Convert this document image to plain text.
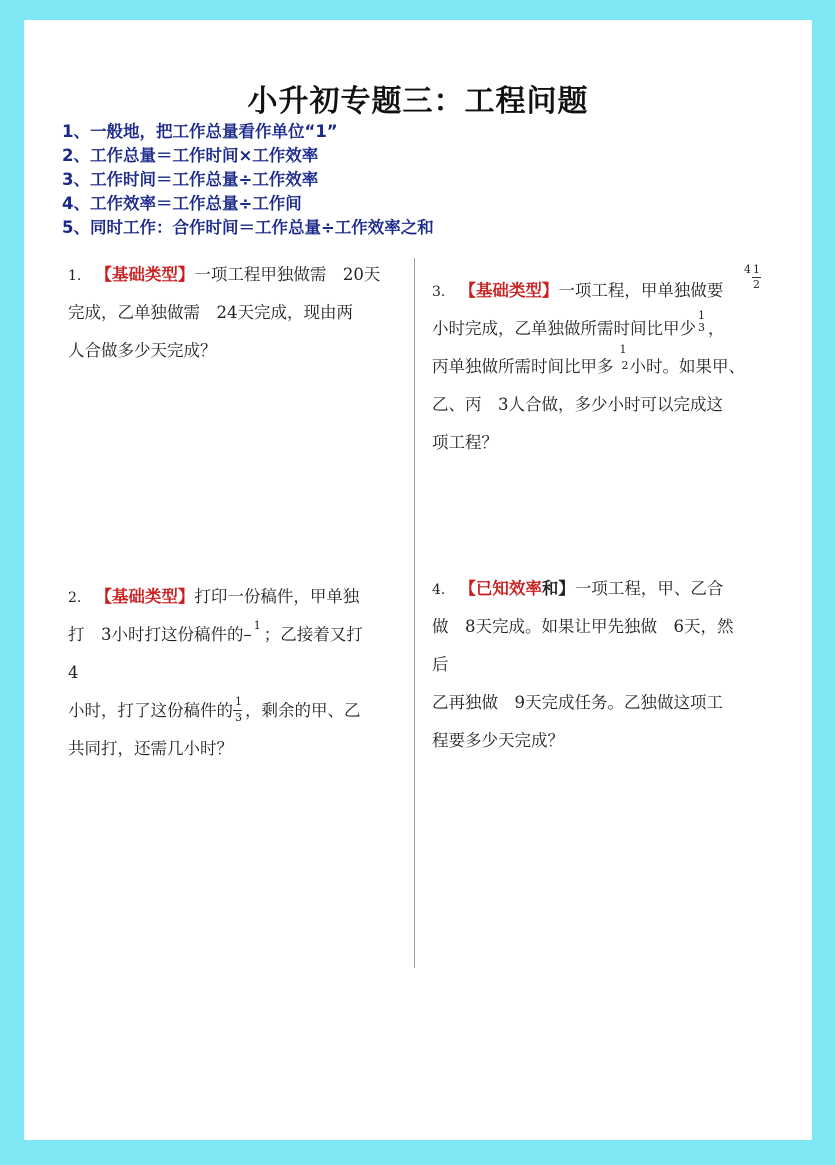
小升初专题三：工程问题
1、一般地，把工作总量看作单位“1”
2、工作总量＝工作时间×工作效率
3、工作时间＝工作总量÷工作效率
4、工作效率＝工作总量÷工作间
5、同时工作：合作时间＝工作总量÷工作效率之和
1. 【基础类型】一项工程甲独做需　20天
完成，乙单独做需　24天完成，现由两
人合做多少天完成？
2. 【基础类型】打印一份稿件，甲单独
打　3小时打这份稿件的– 1 ；乙接着又打
4
小时，打了这份稿件的 $\frac{1}{3}$ ，剩余的甲、乙
共同打，还需几小时？
3. 【基础类型】一项工程，甲单独做要
$4 \frac{1}{2}$
小时完成，乙单独做所需时间比甲少
1
3 ，
丙单独做所需时间比甲多
1
2 小时。如果甲、
乙、丙　3人合做，多少小时可以完成这
项工程？
4. 【已知效率和】一项工程，甲、乙合
做　8天完成。如果让甲先独做　6天，然
后
乙再独做　9天完成任务。乙独做这项工
程要多少天完成？
